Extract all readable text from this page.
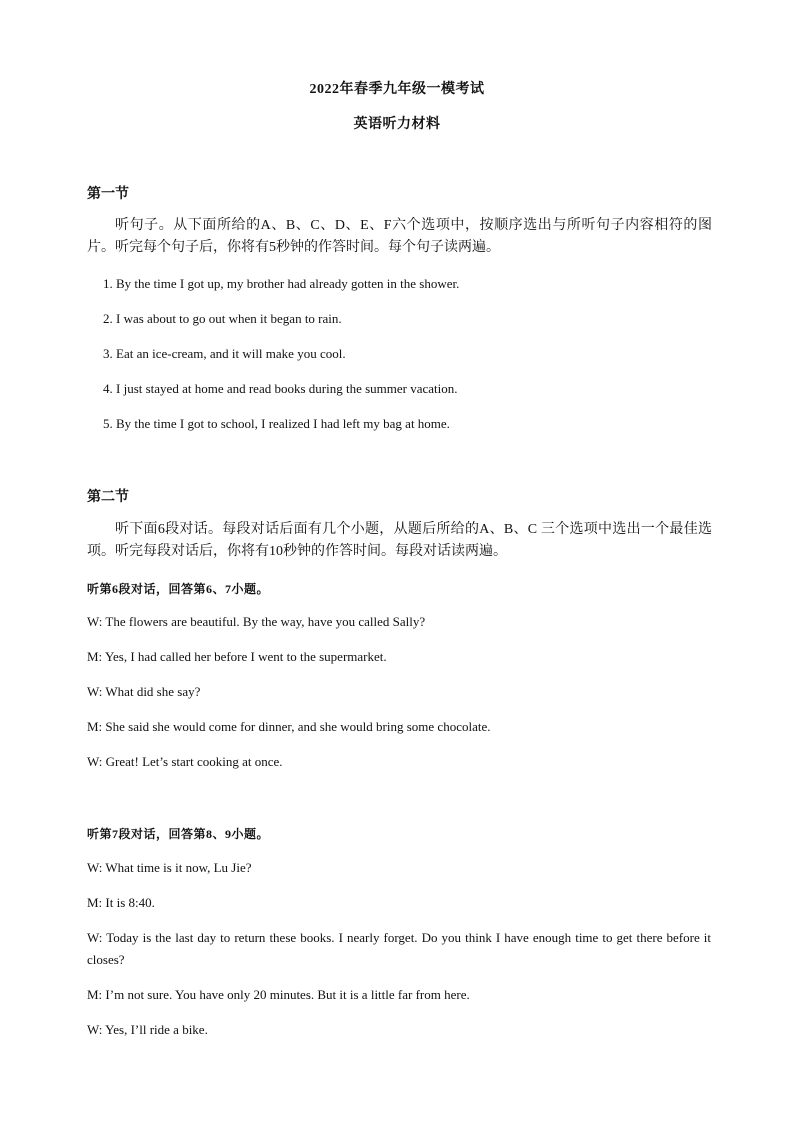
2022年春季九年级一模考试
英语听力材料
第一节
听句子。从下面所给的A、B、C、D、E、F六个选项中，按顺序选出与所听句子内容相符的图片。听完每个句子后，你将有5秒钟的作答时间。每个句子读两遍。
1. By the time I got up, my brother had already gotten in the shower.
2. I was about to go out when it began to rain.
3. Eat an ice-cream, and it will make you cool.
4. I just stayed at home and read books during the summer vacation.
5. By the time I got to school, I realized I had left my bag at home.
第二节
听下面6段对话。每段对话后面有几个小题，从题后所给的A、B、C 三个选项中选出一个最佳选项。听完每段对话后，你将有10秒钟的作答时间。每段对话读两遍。
听第6段对话，回答第6、7小题。
W: The flowers are beautiful. By the way, have you called Sally?
M: Yes, I had called her before I went to the supermarket.
W: What did she say?
M: She said she would come for dinner, and she would bring some chocolate.
W: Great! Let’s start cooking at once.
听第7段对话，回答第8、9小题。
W: What time is it now, Lu Jie?
M: It is 8:40.
W: Today is the last day to return these books. I nearly forget. Do you think I have enough time to get there before it closes?
M: I’m not sure. You have only 20 minutes. But it is a little far from here.
W: Yes, I’ll ride a bike.
